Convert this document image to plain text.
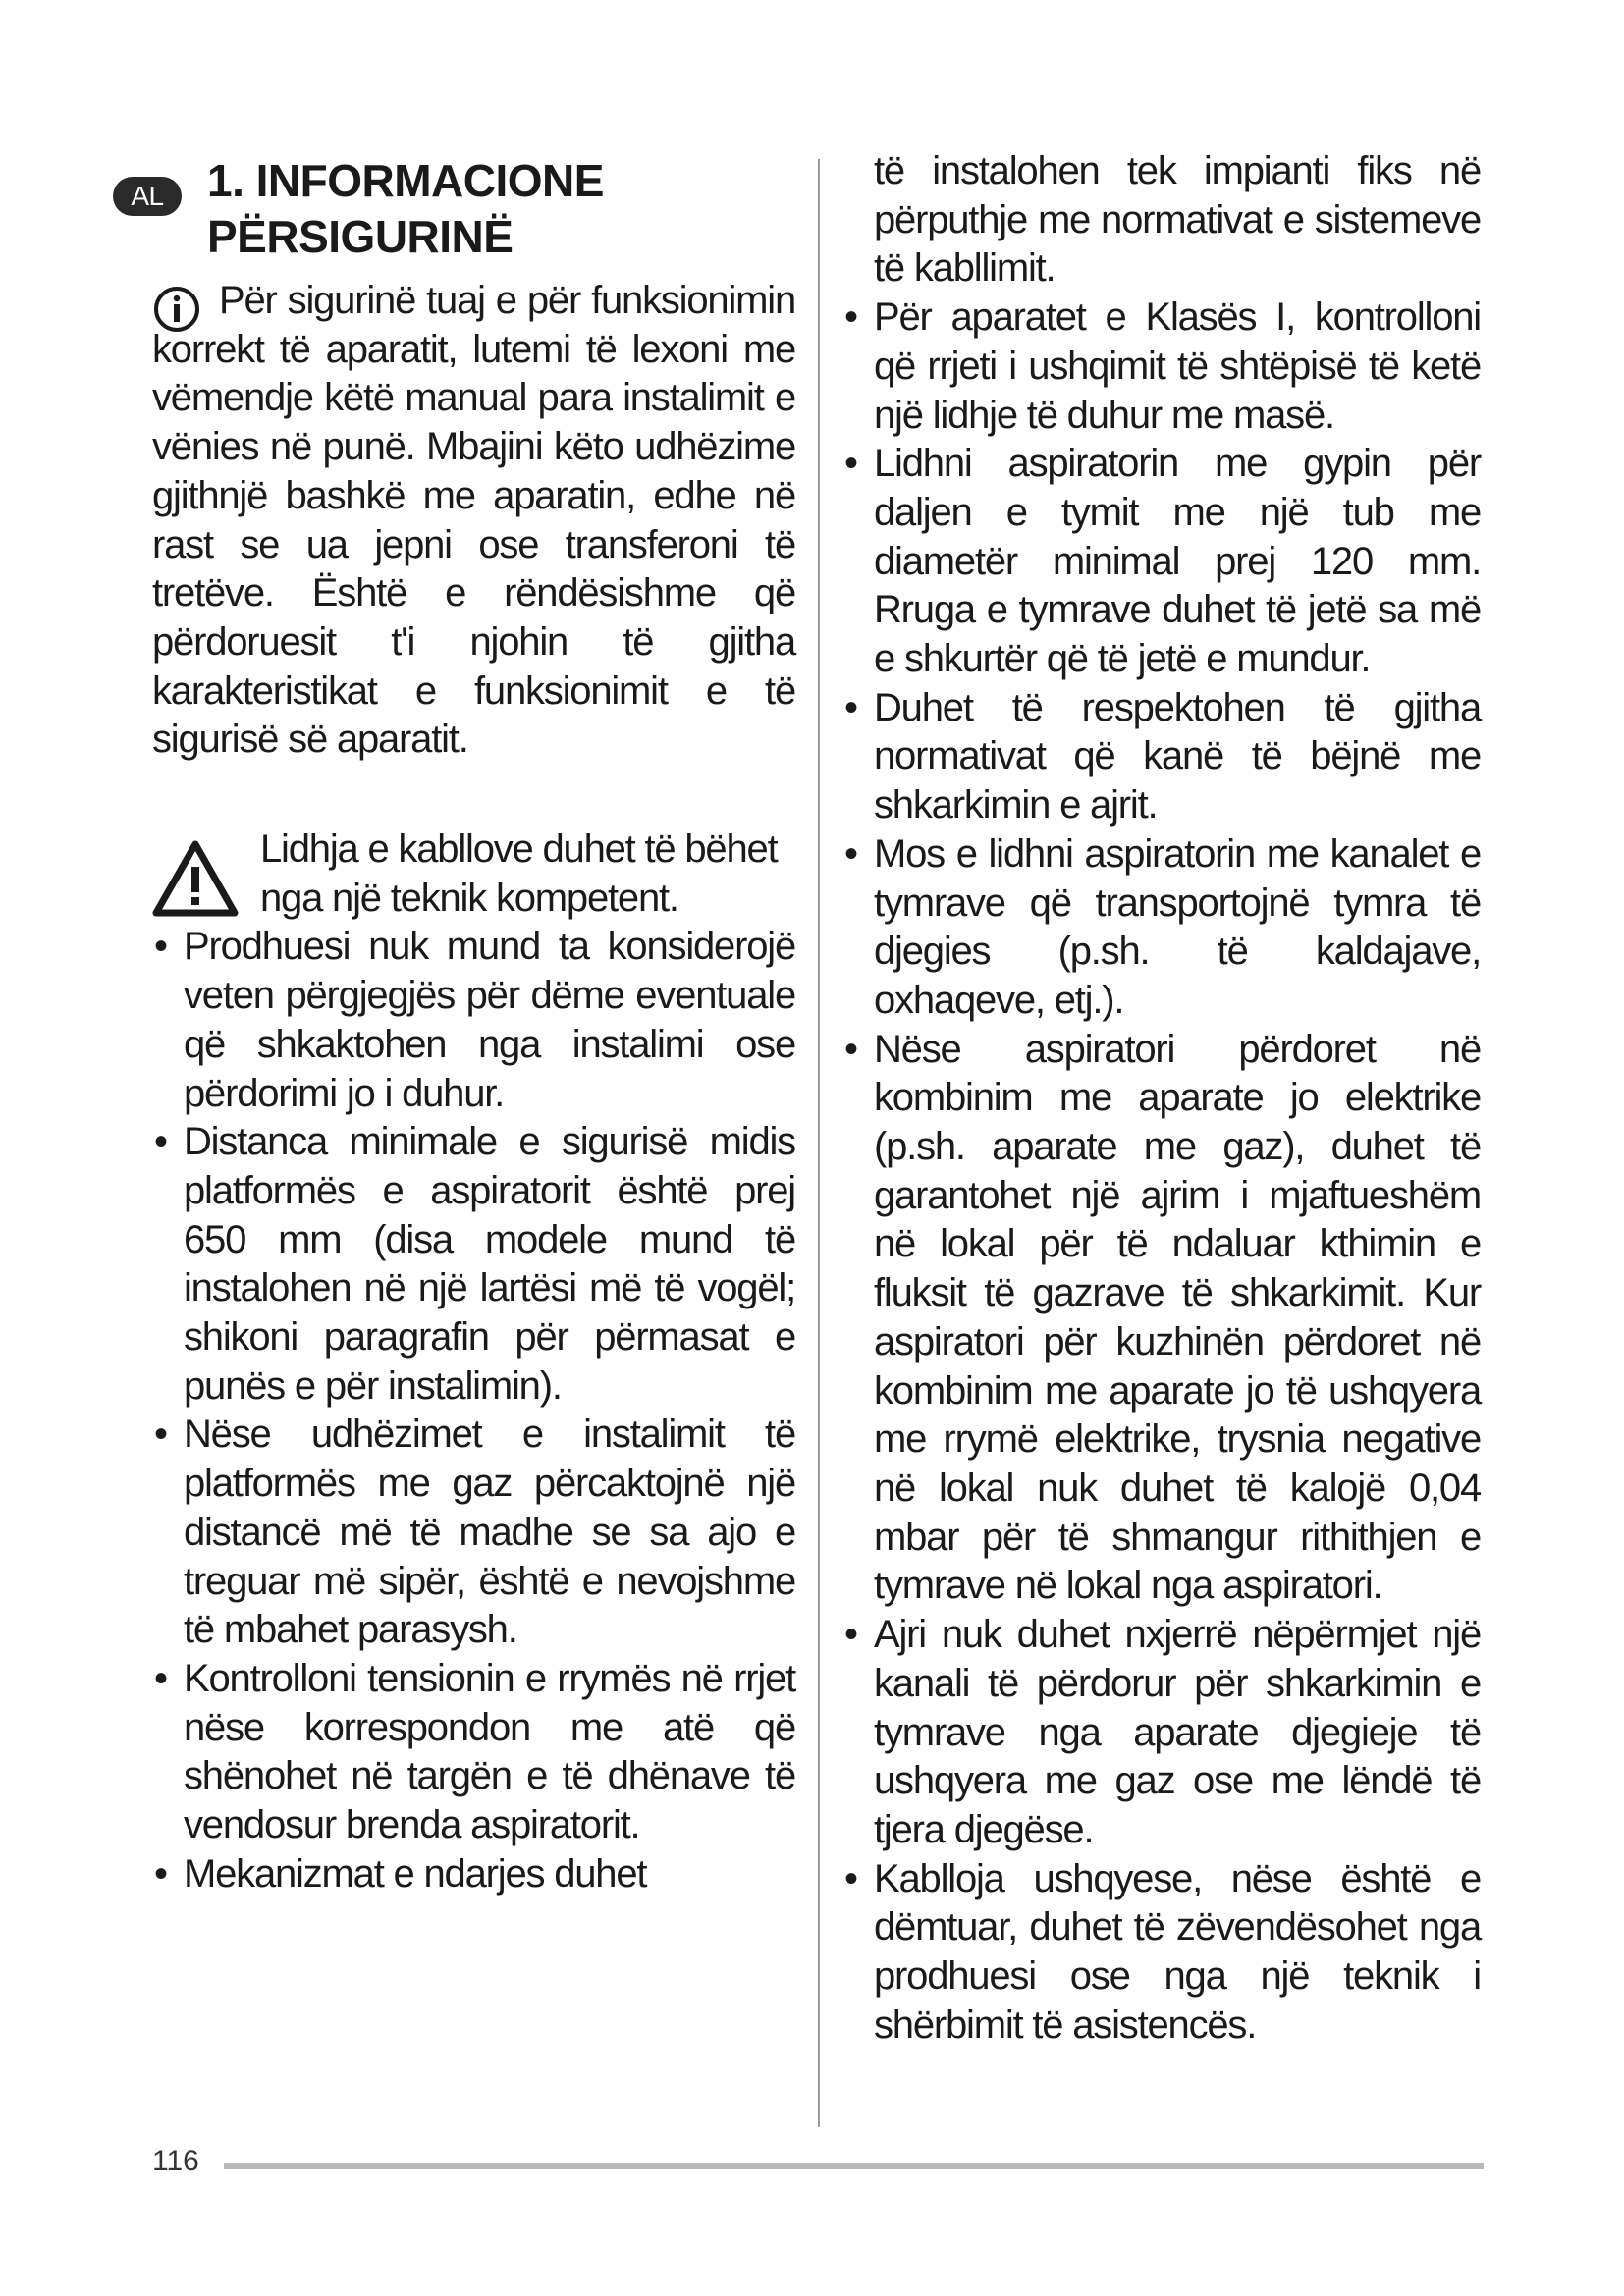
AL 1. INFORMACIONE
PËRSIGURINË

Për sigurinë tuaj e për funksionimin korrekt të aparatit, lutemi të lexoni me vëmendje këtë manual para instalimit e vënies në punë. Mbajini këto udhëzime gjithnjë bashkë me aparatin, edhe në rast se ua jepni ose transferoni të tretëve. Është e rëndësishme që përdoruesit t'i njohin të gjitha karakteristikat e funksionimit e të sigurisë së aparatit.

Lidhja e kabllove duhet të bëhet nga një teknik kompetent.

• Prodhuesi nuk mund ta konsiderojë veten përgjegjës për dëme eventuale që shkaktohen nga instalimi ose përdorimi jo i duhur.
• Distanca minimale e sigurisë midis platformës e aspiratorit është prej 650 mm (disa modele mund të instalohen në një lartësi më të vogël; shikoni paragrafin për përmasat e punës e për instalimin).
• Nëse udhëzimet e instalimit të platformës me gaz përcaktojnë një distancë më të madhe se sa ajo e treguar më sipër, është e nevojshme të mbahet parasysh.
• Kontrolloni tensionin e rrymës në rrjet nëse korrespondon me atë që shënohet në targën e të dhënave të vendosur brenda aspiratorit.
• Mekanizmat e ndarjes duhet

të instalohen tek impianti fiks në përputhje me normativat e sistemeve të kabllimit.

• Për aparatet e Klasës I, kontrolloni që rrjeti i ushqimit të shtëpisë të ketë një lidhje të duhur me masë.
• Lidhni aspiratorin me gypin për daljen e tymit me një tub me diametër minimal prej 120 mm. Rruga e tymrave duhet të jetë sa më e shkurtër që të jetë e mundur.
• Duhet të respektohen të gjitha normativat që kanë të bëjnë me shkarkimin e ajrit.
• Mos e lidhni aspiratorin me kanalet e tymrave që transportojnë tymra të djegies (p.sh. të kaldajave, oxhaqeve, etj.).
• Nëse aspiratori përdoret në kombinim me aparate jo elektrike (p.sh. aparate me gaz), duhet të garantohet një ajrim i mjaftueshëm në lokal për të ndaluar kthimin e fluksit të gazrave të shkarkimit. Kur aspiratori për kuzhinën përdoret në kombinim me aparate jo të ushqyera me rrymë elektrike, trysnia negative në lokal nuk duhet të kalojë 0,04 mbar për të shmangur rithithjen e tymrave në lokal nga aspiratori.
• Ajri nuk duhet nxjerrë nëpërmjet një kanali të përdorur për shkarkimin e tymrave nga aparate djegieje të ushqyera me gaz ose me lëndë të tjera djegëse.
• Kablloja ushqyese, nëse është e dëmtuar, duhet të zëvendësohet nga prodhuesi ose nga një teknik i shërbimit të asistencës.
116
